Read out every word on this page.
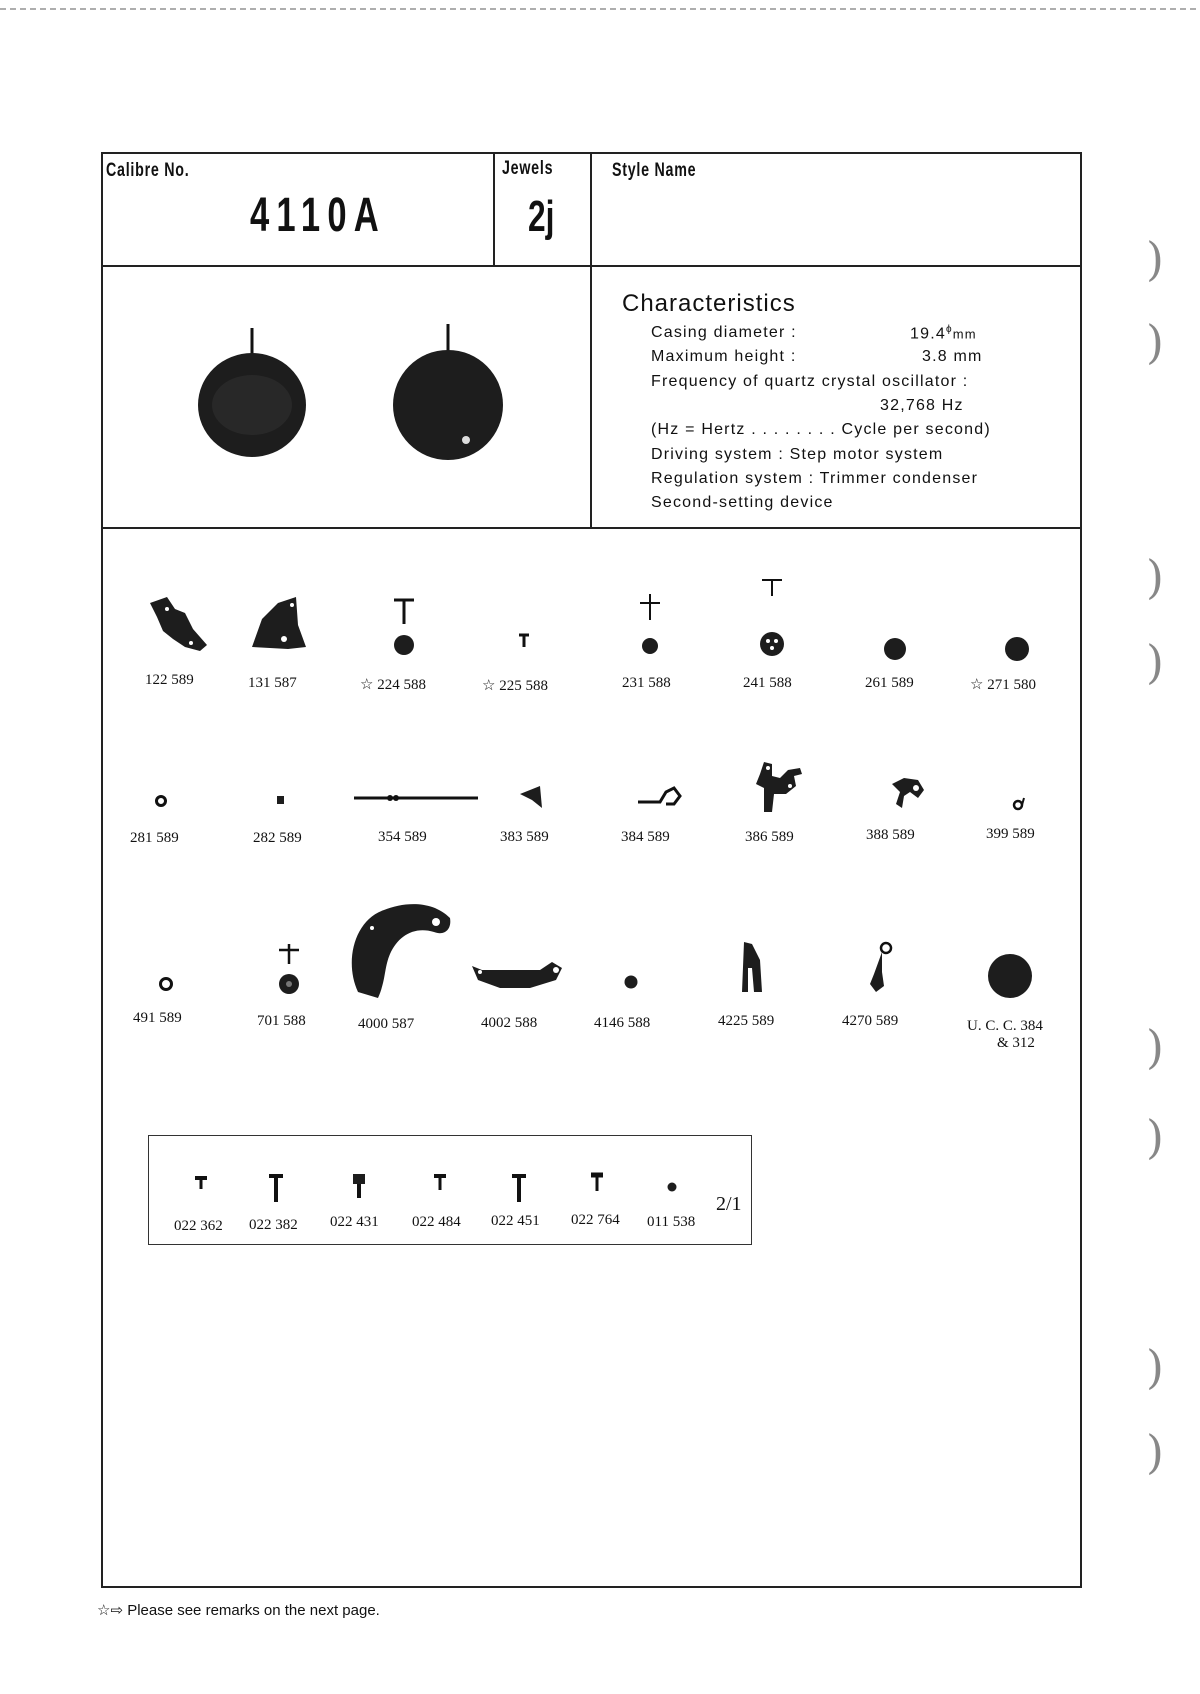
Calibre No.
4110A
Jewels
2j
Style Name
Characteristics
Casing diameter :	$19.4^\phi mm$
Maximum height :	3.8 mm
Frequency of quartz crystal oscillator :
32,768 Hz
(Hz = Hertz . . . . . . . . Cycle per second)
Driving system : Step motor system
Regulation system : Trimmer condenser
Second-setting device
122 589	131 587	☆ 224 588	☆ 225 588	231 588	241 588	261 589	☆ 271 580
281 589	282 589	354 589	383 589	384 589	386 589	388 589	399 589
491 589	701 588	4000 587	4002 588	4146 588	4225 589	4270 589	U. C. C. 384
& 312
022 362 022 382 022 431 022 484 022 451 022 764 011 538
2/1
☆⇨ Please see remarks on the next page.
)
)
)
)
)
)
)
)
